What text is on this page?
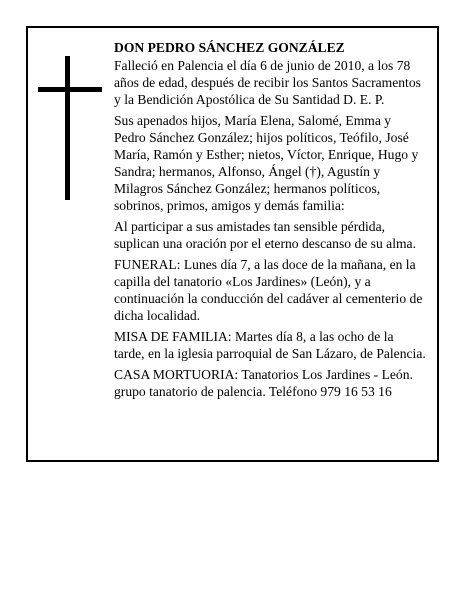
DON PEDRO SÁNCHEZ GONZÁLEZ

Falleció en Palencia el día 6 de junio de 2010, a los 78 años de edad, después de recibir los Santos Sacramentos y la Bendición Apostólica de Su Santidad D. E. P.

Sus apenados hijos, María Elena, Salomé, Emma y Pedro Sánchez González; hijos políticos, Teófilo, José María, Ramón y Esther; nietos, Víctor, Enrique, Hugo y Sandra; hermanos, Alfonso, Ángel (†), Agustín y Milagros Sánchez González; hermanos políticos, sobrinos, primos, amigos y demás familia:

Al participar a sus amistades tan sensible pérdida, suplican una oración por el eterno descanso de su alma.

FUNERAL: Lunes día 7, a las doce de la mañana, en la capilla del tanatorio «Los Jardines» (León), y a continuación la conducción del cadáver al cementerio de dicha localidad.

MISA DE FAMILIA: Martes día 8, a las ocho de la tarde, en la iglesia parroquial de San Lázaro, de Palencia.

CASA MORTUORIA: Tanatorios Los Jardines - León. grupo tanatorio de palencia. Teléfono 979 16 53 16
